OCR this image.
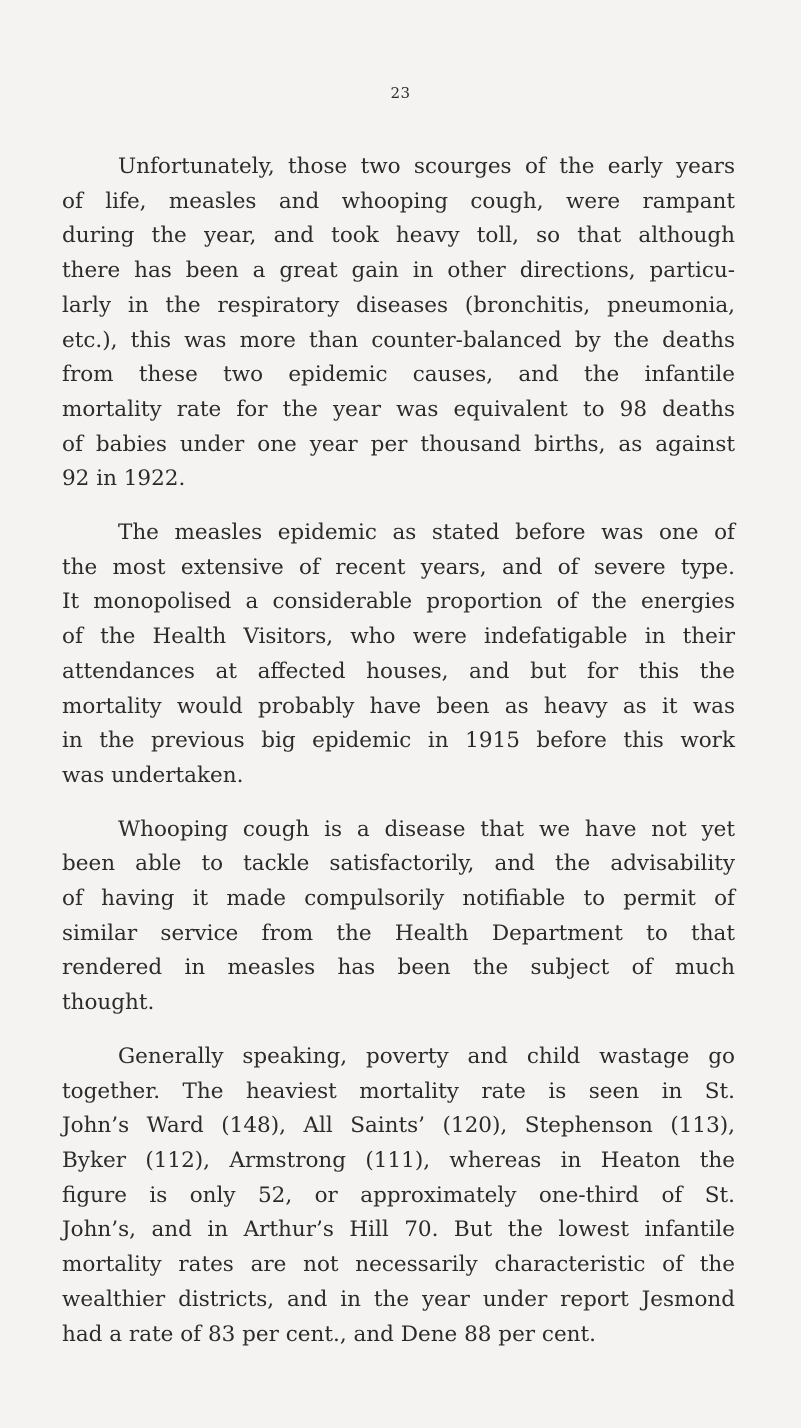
23

Unfortunately, those two scourges of the early years
of life, measles and whooping cough, were rampant
during the year, and took heavy toll, so that although
there has been a great gain in other directions, particu-
larly in the respiratory diseases (bronchitis, pneumonia,
etc.), this was more than counter-balanced by the deaths
from these two epidemic causes, and the infantile
mortality rate for the year was equivalent to 98 deaths
of babies under one year per thousand births, as against
92 in 1922.

The measles epidemic as stated before was one of
the most extensive of recent years, and of severe type.
It monopolised a considerable proportion of the energies
of the Health Visitors, who were indefatigable in their
attendances at affected houses, and but for this the
mortality would probably have been as heavy as it was
in the previous big epidemic in 1915 before this work
was undertaken.

Whooping cough is a disease that we have not yet
been able to tackle satisfactorily, and the advisability
of having it made compulsorily notifiable to permit of
similar service from the Health Department to that
rendered in measles has been the subject of much
thought.

Generally speaking, poverty and child wastage go
together. The heaviest mortality rate is seen in St.
John’s Ward (148), All Saints’ (120), Stephenson (113),
Byker (112), Armstrong (111), whereas in Heaton the
figure is only 52, or approximately one-third of St.
John’s, and in Arthur’s Hill 70. But the lowest infantile
mortality rates are not necessarily characteristic of the
wealthier districts, and in the year under report Jesmond
had a rate of 83 per cent., and Dene 88 per cent.
